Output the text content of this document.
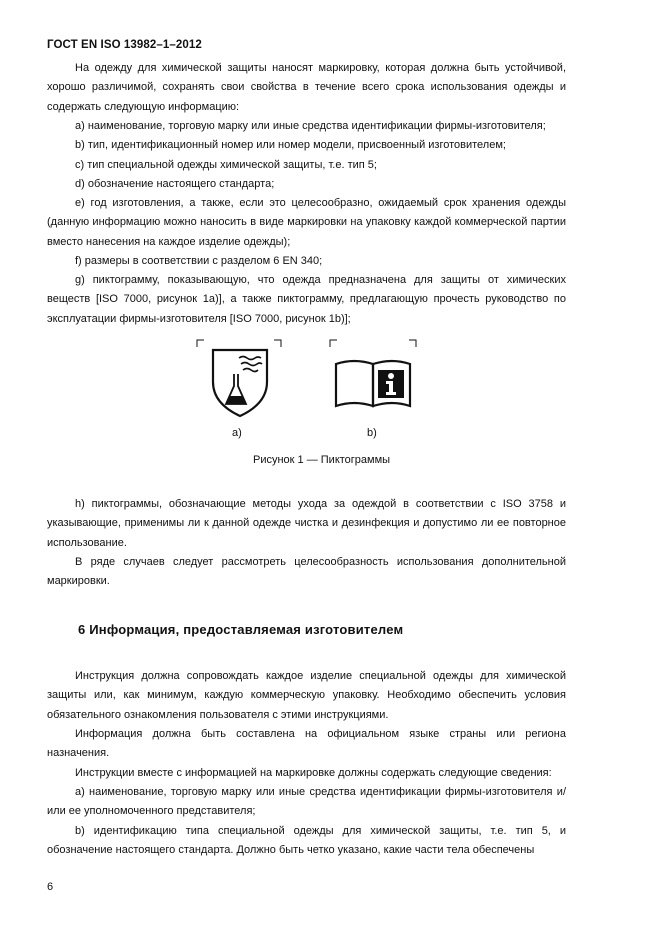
ГОСТ EN ISO 13982–1–2012

На одежду для химической защиты наносят маркировку, которая должна быть устойчивой, хорошо различимой, сохранять свои свойства в течение всего срока использования одежды и содержать следующую информацию:

a) наименование, торговую марку или иные средства идентификации фирмы-изготовителя;

b) тип, идентификационный номер или номер модели, присвоенный изготовителем;

c) тип специальной одежды химической защиты, т.е. тип 5;

d) обозначение настоящего стандарта;

e) год изготовления, а также, если это целесообразно, ожидаемый срок хранения одежды (данную информацию можно наносить в виде маркировки на упаковку каждой коммерческой партии вместо нанесения на каждое изделие одежды);

f) размеры в соответствии с разделом 6 EN 340;

g) пиктограмму, показывающую, что одежда предназначена для защиты от химических веществ [ISO 7000, рисунок 1a)], а также пиктограмму, предлагающую прочесть руководство по эксплуатации фирмы-изготовителя [ISO 7000, рисунок 1b)];

a)	b)
Рисунок 1 — Пиктограммы

h) пиктограммы, обозначающие методы ухода за одеждой в соответствии с ISO 3758 и указывающие, применимы ли к данной одежде чистка и дезинфекция и допустимо ли ее повторное использование.

В ряде случаев следует рассмотреть целесообразность использования дополнительной маркировки.

6 Информация, предоставляемая изготовителем

Инструкция должна сопровождать каждое изделие специальной одежды для химической защиты или, как минимум, каждую коммерческую упаковку. Необходимо обеспечить условия обязательного ознакомления пользователя с этими инструкциями.

Информация должна быть составлена на официальном языке страны или региона назначения.

Инструкции вместе с информацией на маркировке должны содержать следующие сведения:

a) наименование, торговую марку или иные средства идентификации фирмы-изготовителя и/или ее уполномоченного представителя;

b) идентификацию типа специальной одежды для химической защиты, т.е. тип 5, и обозначение настоящего стандарта. Должно быть четко указано, какие части тела обеспечены

6
